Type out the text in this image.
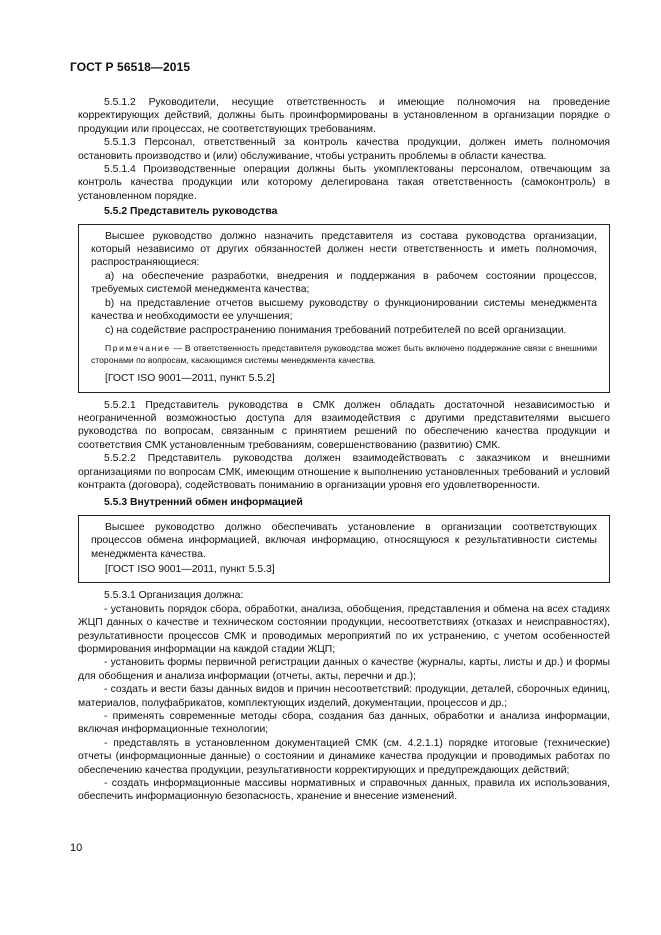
ГОСТ Р 56518—2015

5.5.1.2 Руководители, несущие ответственность и имеющие полномочия на проведение корректирующих действий, должны быть проинформированы в установленном в организации порядке о продукции или процессах, не соответствующих требованиям.

5.5.1.3 Персонал, ответственный за контроль качества продукции, должен иметь полномочия остановить производство и (или) обслуживание, чтобы устранить проблемы в области качества.

5.5.1.4 Производственные операции должны быть укомплектованы персоналом, отвечающим за контроль качества продукции или которому делегирована такая ответственность (самоконтроль) в установленном порядке.

5.5.2 Представитель руководства

Высшее руководство должно назначить представителя из состава руководства организации, который независимо от других обязанностей должен нести ответственность и иметь полномочия, распространяющиеся:

a) на обеспечение разработки, внедрения и поддержания в рабочем состоянии процессов, требуемых системой менеджмента качества;

b) на представление отчетов высшему руководству о функционировании системы менеджмента качества и необходимости ее улучшения;

c) на содействие распространению понимания требований потребителей по всей организации.

Примечание — В ответственность представителя руководства может быть включено поддержание связи с внешними сторонами по вопросам, касающимся системы менеджмента качества.

[ГОСТ ISO 9001—2011, пункт 5.5.2]

5.5.2.1 Представитель руководства в СМК должен обладать достаточной независимостью и неограниченной возможностью доступа для взаимодействия с другими представителями высшего руководства по вопросам, связанным с принятием решений по обеспечению качества продукции и соответствия СМК установленным требованиям, совершенствованию (развитию) СМК.

5.5.2.2 Представитель руководства должен взаимодействовать с заказчиком и внешними организациями по вопросам СМК, имеющим отношение к выполнению установленных требований и условий контракта (договора), содействовать пониманию в организации уровня его удовлетворенности.

5.5.3 Внутренний обмен информацией

Высшее руководство должно обеспечивать установление в организации соответствующих процессов обмена информацией, включая информацию, относящуюся к результативности системы менеджмента качества.

[ГОСТ ISO 9001—2011, пункт 5.5.3]

5.5.3.1 Организация должна:

- установить порядок сбора, обработки, анализа, обобщения, представления и обмена на всех стадиях ЖЦП данных о качестве и техническом состоянии продукции, несоответствиях (отказах и неисправностях), результативности процессов СМК и проводимых мероприятий по их устранению, с учетом особенностей формирования информации на каждой стадии ЖЦП;

- установить формы первичной регистрации данных о качестве (журналы, карты, листы и др.) и формы для обобщения и анализа информации (отчеты, акты, перечни и др.);

- создать и вести базы данных видов и причин несоответствий: продукции, деталей, сборочных единиц, материалов, полуфабрикатов, комплектующих изделий, документации, процессов и др.;

- применять современные методы сбора, создания баз данных, обработки и анализа информации, включая информационные технологии;

- представлять в установленном документацией СМК (см. 4.2.1.1) порядке итоговые (технические) отчеты (информационные данные) о состоянии и динамике качества продукции и проводимых работах по обеспечению качества продукции, результативности корректирующих и предупреждающих действий;

- создать информационные массивы нормативных и справочных данных, правила их использования, обеспечить информационную безопасность, хранение и внесение изменений.

10
